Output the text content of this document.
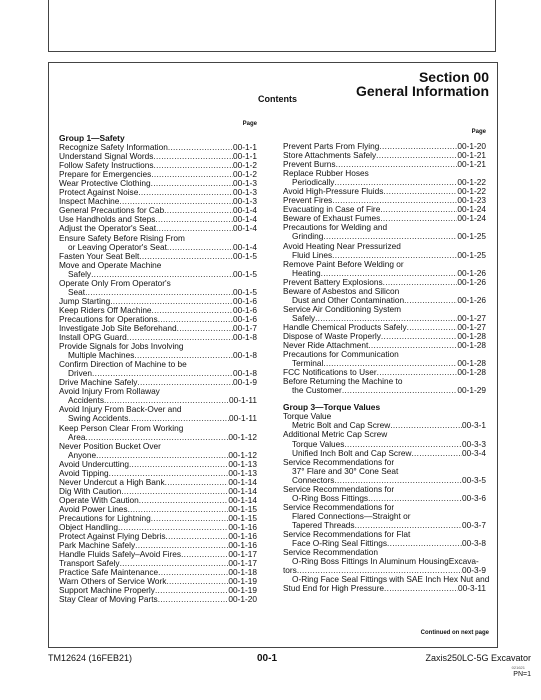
Section 00
General Information
Contents
Page
Group 1—Safety
Recognize Safety Information .....	00-1-1
Understand Signal Words .....	00-1-1
Follow Safety Instructions .....	00-1-2
Prepare for Emergencies .....	00-1-2
Wear Protective Clothing .....	00-1-3
Protect Against Noise .....	00-1-3
Inspect Machine .....	00-1-3
General Precautions for Cab .....	00-1-4
Use Handholds and Steps .....	00-1-4
Adjust the Operator's Seat .....	00-1-4
Ensure Safety Before Rising From
or Leaving Operator's Seat .....	00-1-4
Fasten Your Seat Belt .....	00-1-5
Move and Operate Machine
Safely .....	00-1-5
Operate Only From Operator's
Seat .....	00-1-5
Jump Starting .....	00-1-6
Keep Riders Off Machine .....	00-1-6
Precautions for Operations .....	00-1-6
Investigate Job Site Beforehand .....	00-1-7
Install OPG Guard .....	00-1-8
Provide Signals for Jobs Involving
Multiple Machines .....	00-1-8
Confirm Direction of Machine to be
Driven .....	00-1-8
Drive Machine Safely .....	00-1-9
Avoid Injury From Rollaway
Accidents .....	00-1-11
Avoid Injury From Back-Over and
Swing Accidents .....	00-1-11
Keep Person Clear From Working
Area .....	00-1-12
Never Position Bucket Over
Anyone .....	00-1-12
Avoid Undercutting .....	00-1-13
Avoid Tipping .....	00-1-13
Never Undercut a High Bank .....	00-1-14
Dig With Caution .....	00-1-14
Operate With Caution .....	00-1-14
Avoid Power Lines .....	00-1-15
Precautions for Lightning .....	00-1-15
Object Handling .....	00-1-16
Protect Against Flying Debris .....	00-1-16
Park Machine Safely .....	00-1-16
Handle Fluids Safely–Avoid Fires .....	00-1-17
Transport Safely .....	00-1-17
Practice Safe Maintenance .....	00-1-18
Warn Others of Service Work .....	00-1-19
Support Machine Properly .....	00-1-19
Stay Clear of Moving Parts .....	00-1-20
Page
Prevent Parts From Flying .....	00-1-20
Store Attachments Safely .....	00-1-21
Prevent Burns .....	00-1-21
Replace Rubber Hoses
Periodically .....	00-1-22
Avoid High-Pressure Fluids .....	00-1-22
Prevent Fires .....	00-1-23
Evacuating in Case of Fire .....	00-1-24
Beware of Exhaust Fumes .....	00-1-24
Precautions for Welding and
Grinding .....	00-1-25
Avoid Heating Near Pressurized
Fluid Lines .....	00-1-25
Remove Paint Before Welding or
Heating .....	00-1-26
Prevent Battery Explosions .....	00-1-26
Beware of Asbestos and Silicon
Dust and Other Contamination .....	00-1-26
Service Air Conditioning System
Safely .....	00-1-27
Handle Chemical Products Safely .....	00-1-27
Dispose of Waste Properly .....	00-1-28
Never Ride Attachment .....	00-1-28
Precautions for Communication
Terminal .....	00-1-28
FCC Notifications to User .....	00-1-28
Before Returning the Machine to
the Customer .....	00-1-29
Group 3—Torque Values
Torque Value
Metric Bolt and Cap Screw .....	00-3-1
Additional Metric Cap Screw
Torque Values .....	00-3-3
Unified Inch Bolt and Cap Screw .....	00-3-4
Service Recommendations for
37° Flare and 30° Cone Seat
Connectors .....	00-3-5
Service Recommendations for
O-Ring Boss Fittings .....	00-3-6
Service Recommendations for
Flared Connections—Straight or
Tapered Threads .....	00-3-7
Service Recommendations for Flat
Face O-Ring Seal Fittings .....	00-3-8
Service Recommendation
O-Ring Boss Fittings In Aluminum HousingExcava-
tors .....	00-3-9
O-Ring Face Seal Fittings with SAE Inch Hex Nut and
Stud End for High Pressure .....	00-3-11
Continued on next page
TM12624 (16FEB21)	00-1	Zaxis250LC-5G Excavator
021621
PN=1
